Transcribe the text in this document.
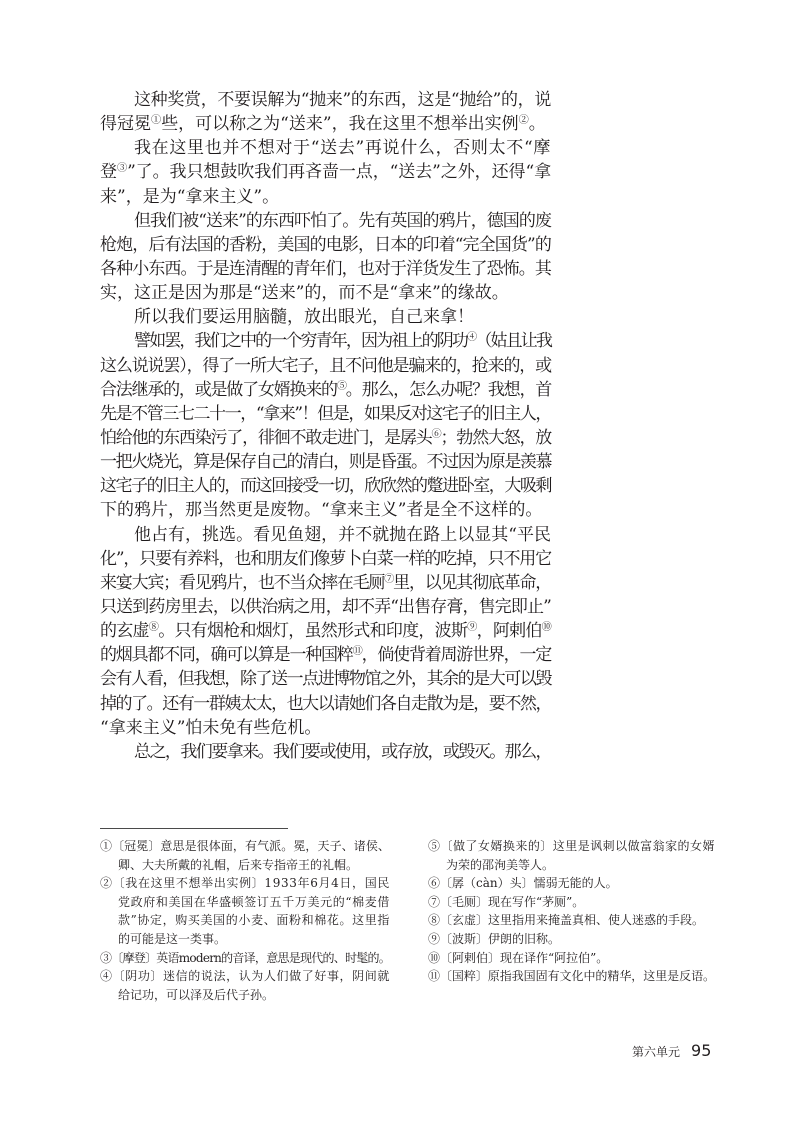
这种奖赏，不要误解为“抛来”的东西，这是“抛给”的，说
得冠冕①些，可以称之为“送来”，我在这里不想举出实例②。
我在这里也并不想对于“送去”再说什么，否则太不“摩
登③”了。我只想鼓吹我们再吝啬一点，“送去”之外，还得“拿
来”，是为“拿来主义”。
但我们被“送来”的东西吓怕了。先有英国的鸦片，德国的废
枪炮，后有法国的香粉，美国的电影，日本的印着“完全国货”的
各种小东西。于是连清醒的青年们，也对于洋货发生了恐怖。其
实，这正是因为那是“送来”的，而不是“拿来”的缘故。
所以我们要运用脑髓，放出眼光，自己来拿！
譬如罢，我们之中的一个穷青年，因为祖上的阴功④（姑且让我
这么说说罢），得了一所大宅子，且不问他是骗来的，抢来的，或
合法继承的，或是做了女婿换来的⑤。那么，怎么办呢？我想，首
先是不管三七二十一，“拿来”！但是，如果反对这宅子的旧主人，
怕给他的东西染污了，徘徊不敢走进门，是孱头⑥；勃然大怒，放
一把火烧光，算是保存自己的清白，则是昏蛋。不过因为原是羡慕
这宅子的旧主人的，而这回接受一切，欣欣然的蹩进卧室，大吸剩
下的鸦片，那当然更是废物。“拿来主义”者是全不这样的。
他占有，挑选。看见鱼翅，并不就抛在路上以显其“平民
化”，只要有养料，也和朋友们像萝卜白菜一样的吃掉，只不用它
来宴大宾；看见鸦片，也不当众摔在毛厕⑦里，以见其彻底革命，
只送到药房里去，以供治病之用，却不弄“出售存膏，售完即止”
的玄虚⑧。只有烟枪和烟灯，虽然形式和印度，波斯⑨，阿剌伯⑩
的烟具都不同，确可以算是一种国粹⑪，倘使背着周游世界，一定
会有人看，但我想，除了送一点进博物馆之外，其余的是大可以毁
掉的了。还有一群姨太太，也大以请她们各自走散为是，要不然，
“拿来主义”怕未免有些危机。
总之，我们要拿来。我们要或使用，或存放，或毁灭。那么，
①〔冠冕〕意思是很体面，有气派。冕，天子、诸侯、
卿、大夫所戴的礼帽，后来专指帝王的礼帽。
②〔我在这里不想举出实例〕1933年6月4日，国民
党政府和美国在华盛顿签订五千万美元的“棉麦借
款”协定，购买美国的小麦、面粉和棉花。这里指
的可能是这一类事。
③〔摩登〕英语modern的音译，意思是现代的、时髦的。
④〔阴功〕迷信的说法，认为人们做了好事，阴间就
给记功，可以泽及后代子孙。
⑤〔做了女婿换来的〕这里是讽刺以做富翁家的女婿
为荣的邵洵美等人。
⑥〔孱（càn）头〕懦弱无能的人。
⑦〔毛厕〕现在写作“茅厕”。
⑧〔玄虚〕这里指用来掩盖真相、使人迷惑的手段。
⑨〔波斯〕伊朗的旧称。
⑩〔阿剌伯〕现在译作“阿拉伯”。
⑪〔国粹〕原指我国固有文化中的精华，这里是反语。
第六单元 95
